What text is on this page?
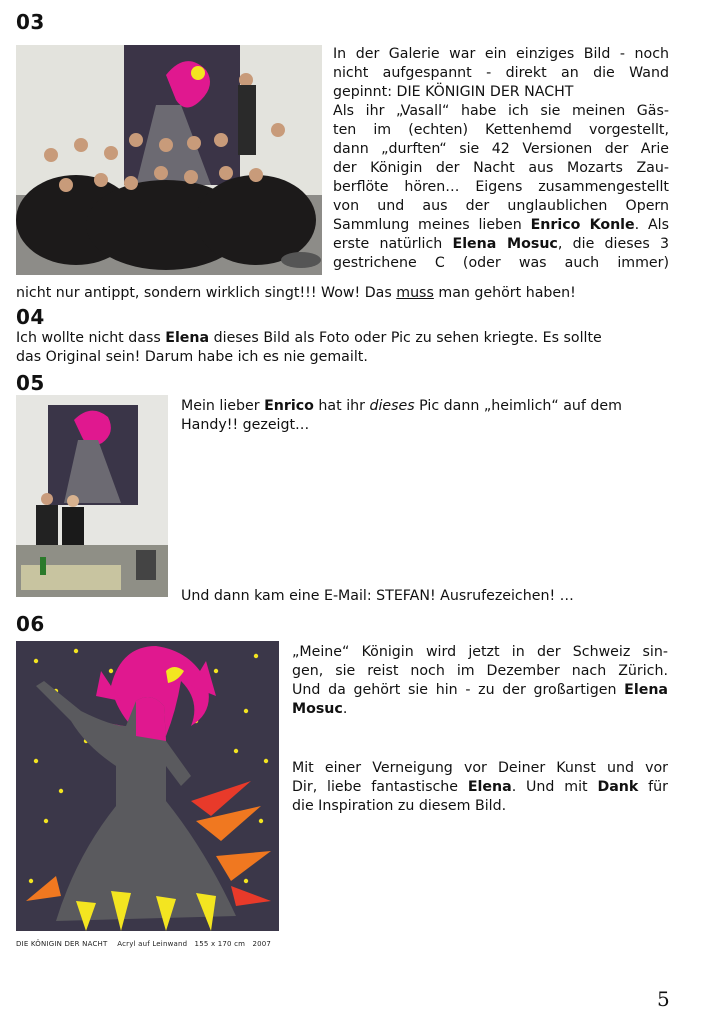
03
In der Galerie war ein einziges Bild - noch
nicht aufgespannt - direkt an die Wand
gepinnt: DIE KÖNIGIN DER NACHT
Als ihr „Vasall“ habe ich sie meinen Gäs-
ten im (echten) Kettenhemd vorgestellt,
dann „durften“ sie 42 Versionen der Arie
der Königin der Nacht aus Mozarts Zau-
berflöte hören… Eigens zusammengestellt
von und aus der unglaublichen Opern
Sammlung meines lieben Enrico Konle. Als
erste natürlich Elena Mosuc, die dieses 3
gestrichene C (oder was auch immer)
nicht nur antippt, sondern wirklich singt!!! Wow! Das muss man gehört haben!
04
Ich wollte nicht dass Elena dieses Bild als Foto oder Pic zu sehen kriegte. Es sollte
das Original sein! Darum habe ich es nie gemailt.
05
Mein lieber Enrico hat ihr dieses Pic dann „heimlich“ auf dem
Handy!! gezeigt…
Und dann kam eine E-Mail: STEFAN! Ausrufezeichen! …
06
DIE KÖNIGIN DER NACHT    Acryl auf Leinwand   155 x 170 cm   2007
„Meine“ Königin wird jetzt in der Schweiz sin-
gen, sie reist noch im Dezember nach Zürich.
Und da gehört sie hin - zu der großartigen Elena
Mosuc.
Mit einer Verneigung vor Deiner Kunst und vor
Dir, liebe fantastische Elena. Und mit Dank für
die Inspiration zu diesem Bild.
5
